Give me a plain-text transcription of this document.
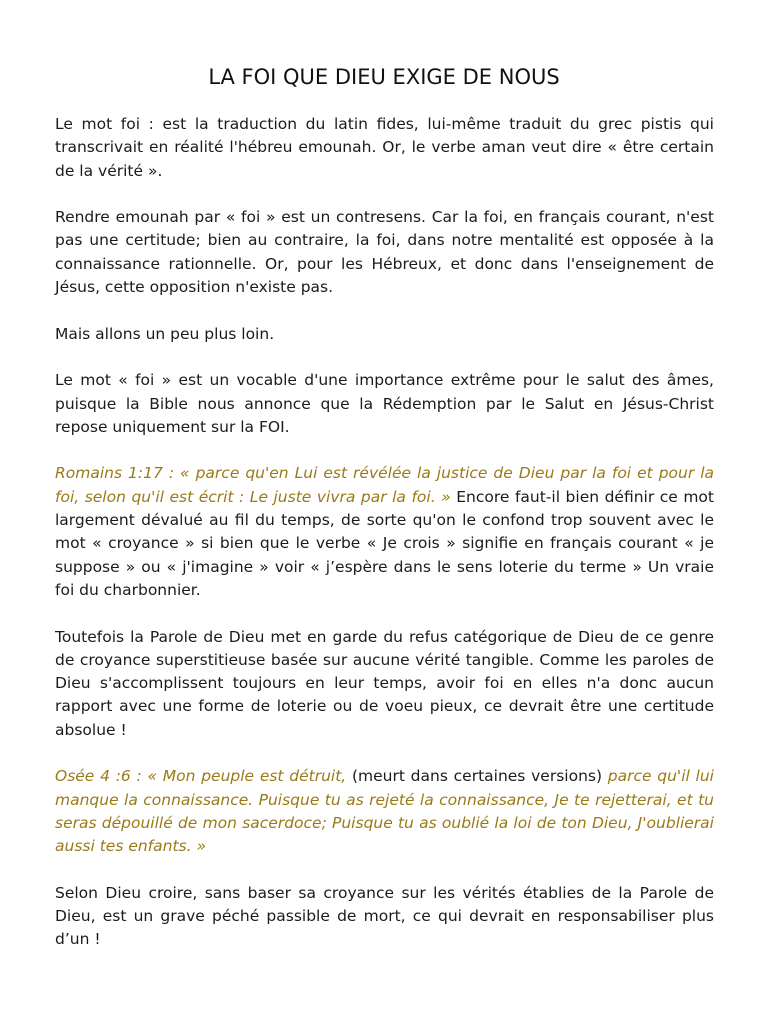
LA FOI QUE DIEU EXIGE DE NOUS

Le mot foi : est la traduction du latin fides, lui-même traduit du grec pistis qui transcrivait en réalité l'hébreu emounah. Or, le verbe aman veut dire « être certain de la vérité ».

Rendre emounah par « foi » est un contresens. Car la foi, en français courant, n'est pas une certitude; bien au contraire, la foi, dans notre mentalité est opposée à la connaissance rationnelle. Or, pour les Hébreux, et donc dans l'enseignement de Jésus, cette opposition n'existe pas.

Mais allons un peu plus loin.

Le mot « foi » est un vocable d'une importance extrême pour le salut des âmes, puisque la Bible nous annonce que la Rédemption par le Salut en Jésus-Christ repose uniquement sur la FOI.

Romains 1:17 : « parce qu'en Lui est révélée la justice de Dieu par la foi et pour la foi, selon qu'il est écrit : Le juste vivra par la foi. » Encore faut-il bien définir ce mot largement dévalué au fil du temps, de sorte qu'on le confond trop souvent avec le mot « croyance » si bien que le verbe « Je crois » signifie en français courant « je suppose » ou « j'imagine » voir « j’espère dans le sens loterie du terme » Un vraie foi du charbonnier.

Toutefois la Parole de Dieu met en garde du refus catégorique de Dieu de ce genre de croyance superstitieuse basée sur aucune vérité tangible. Comme les paroles de Dieu s'accomplissent toujours en leur temps, avoir foi en elles n'a donc aucun rapport avec une forme de loterie ou de voeu pieux, ce devrait être une certitude absolue !

Osée 4 :6 : « Mon peuple est détruit, (meurt dans certaines versions) parce qu'il lui manque la connaissance. Puisque tu as rejeté la connaissance, Je te rejetterai, et tu seras dépouillé de mon sacerdoce; Puisque tu as oublié la loi de ton Dieu, J'oublierai aussi tes enfants. »

Selon Dieu croire, sans baser sa croyance sur les vérités établies de la Parole de Dieu, est un grave péché passible de mort, ce qui devrait en responsabiliser plus d’un !
